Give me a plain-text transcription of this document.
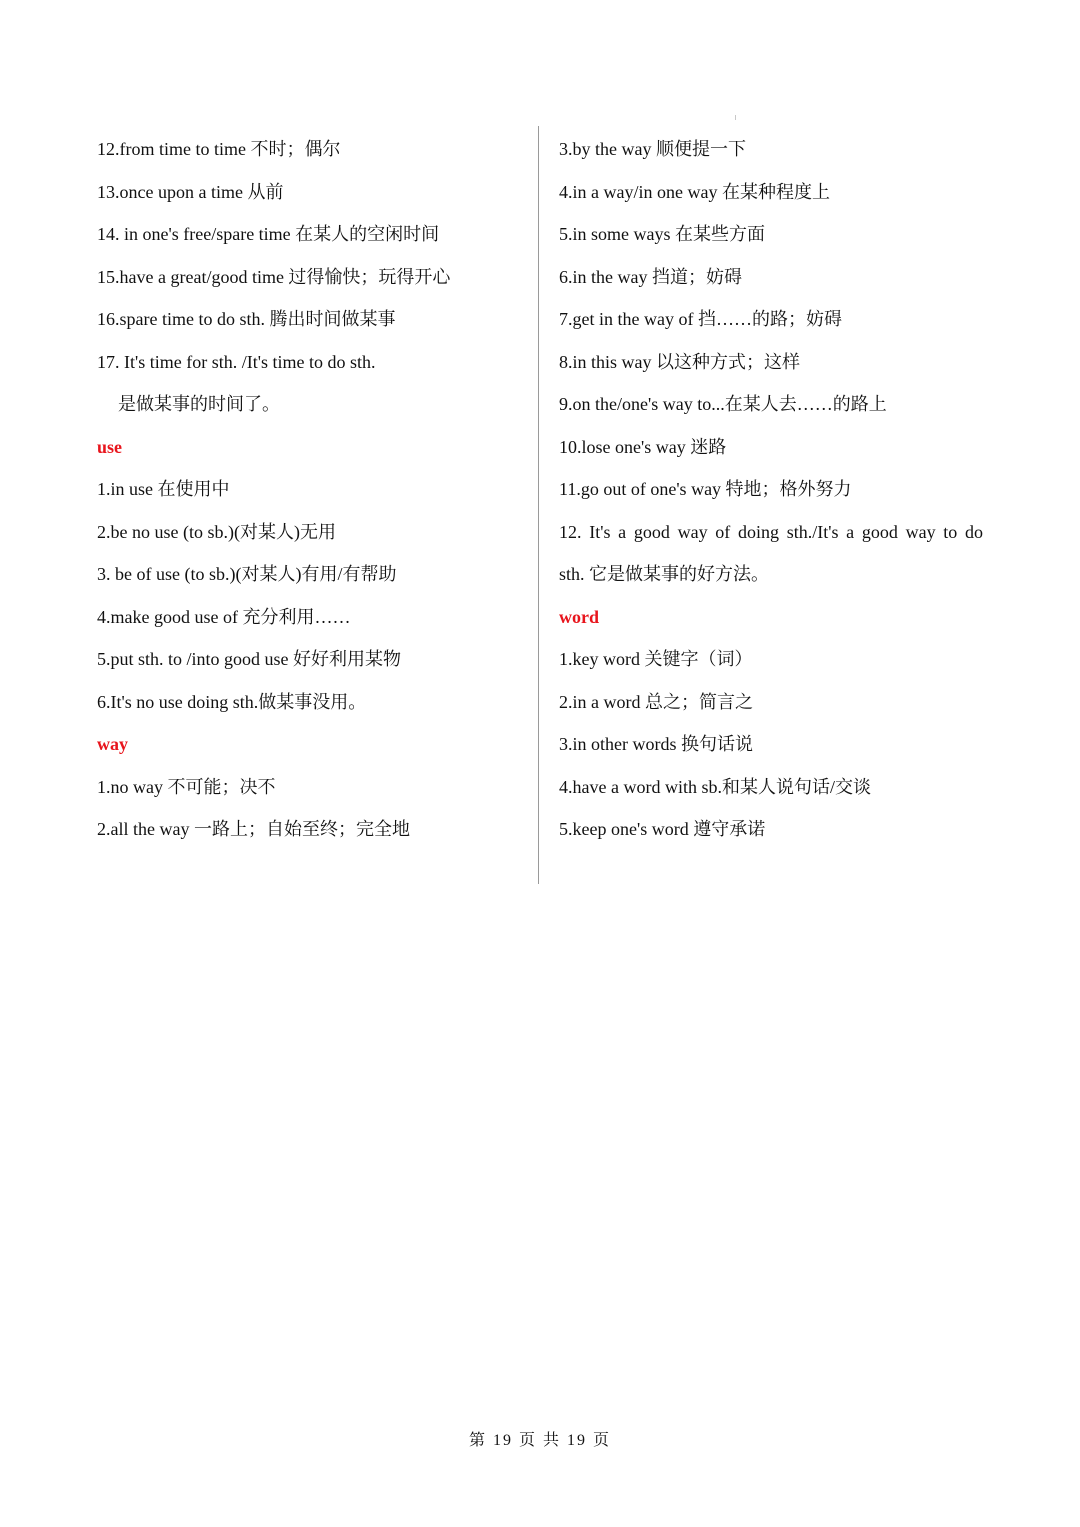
12.from time to time 不时；偶尔
13.once upon a time 从前
14. in one's free/spare time 在某人的空闲时间
15.have a great/good time 过得愉快；玩得开心
16.spare time to do sth. 腾出时间做某事
17. It's time for sth. /It's time to do sth.
是做某事的时间了。
use
1.in use 在使用中
2.be no use (to sb.)(对某人)无用
3. be of use (to sb.)(对某人)有用/有帮助
4.make good use of 充分利用……
5.put sth. to /into good use 好好利用某物
6.It's no use doing sth.做某事没用。
way
1.no way 不可能；决不
2.all the way 一路上；自始至终；完全地
3.by the way 顺便提一下
4.in a way/in one way 在某种程度上
5.in some ways 在某些方面
6.in the way 挡道；妨碍
7.get in the way of 挡……的路；妨碍
8.in this way 以这种方式；这样
9.on the/one's way to...在某人去……的路上
10.lose one's way 迷路
11.go out of one's way 特地；格外努力
12. It's a good way of doing sth./It's a good way to do
sth. 它是做某事的好方法。
word
1.key word 关键字（词）
2.in a word 总之；简言之
3.in other words 换句话说
4.have a word with sb.和某人说句话/交谈
5.keep one's word 遵守承诺
第 19 页 共 19 页
